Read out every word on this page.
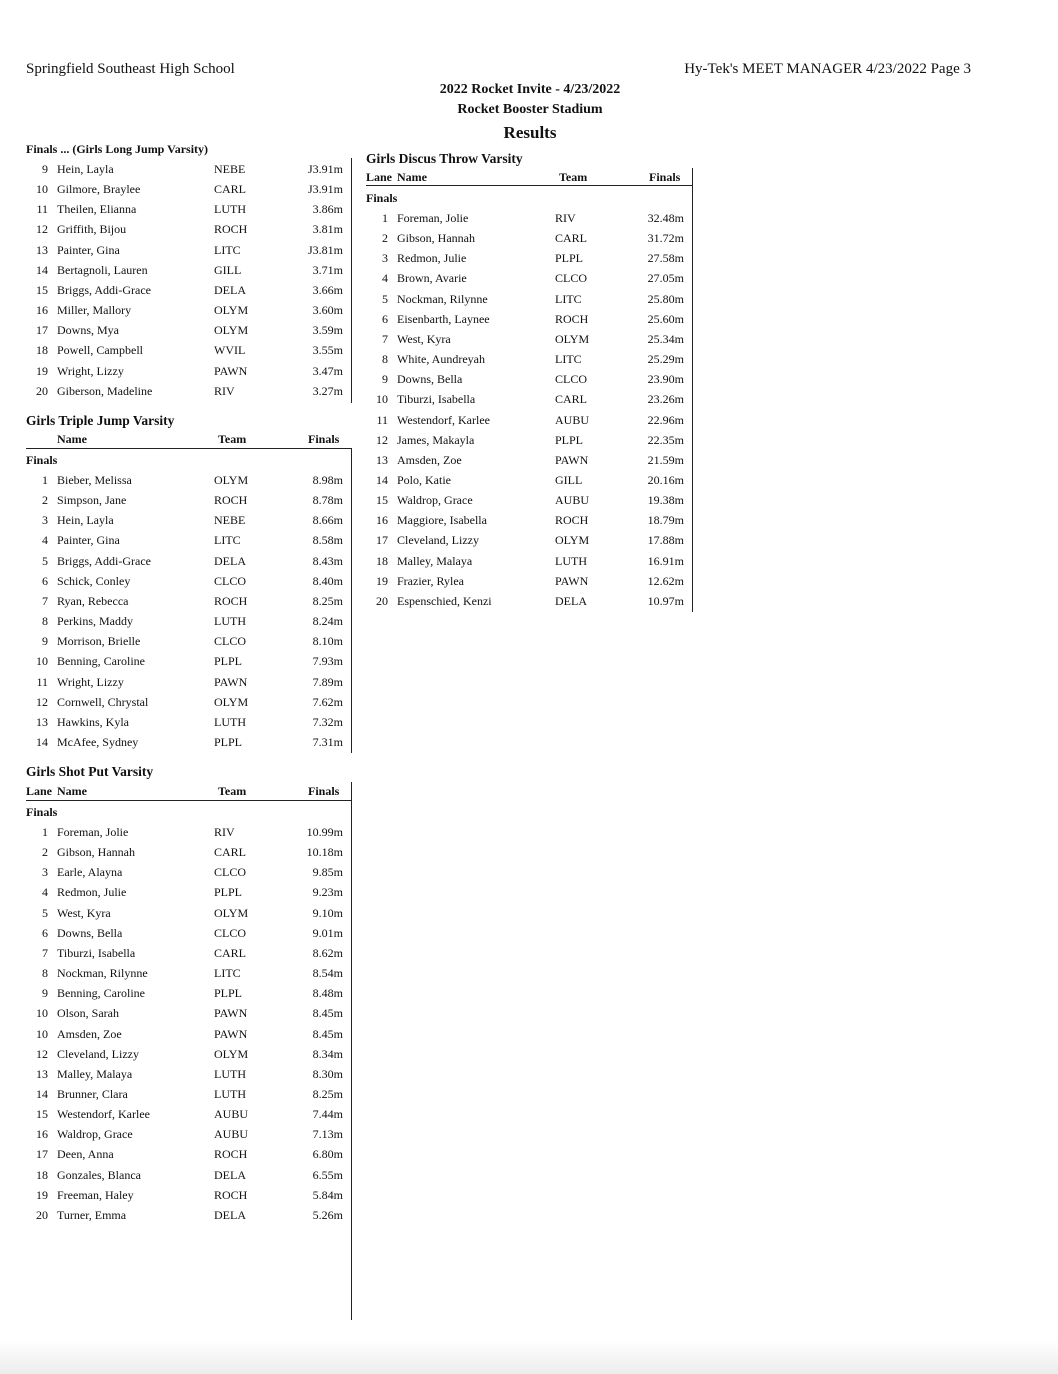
Springfield Southeast High School	Hy-Tek's MEET MANAGER 4/23/2022 Page 3
2022 Rocket Invite - 4/23/2022
Rocket Booster Stadium
Results
Finals ... (Girls Long Jump Varsity)
9 Hein, Layla	NEBE	J3.91m
10 Gilmore, Braylee	CARL	J3.91m
11 Theilen, Elianna	LUTH	3.86m
12 Griffith, Bijou	ROCH	3.81m
13 Painter, Gina	LITC	J3.81m
14 Bertagnoli, Lauren	GILL	3.71m
15 Briggs, Addi-Grace	DELA	3.66m
16 Miller, Mallory	OLYM	3.60m
17 Downs, Mya	OLYM	3.59m
18 Powell, Campbell	WVIL	3.55m
19 Wright, Lizzy	PAWN	3.47m
20 Giberson, Madeline	RIV	3.27m
Girls Triple Jump Varsity
Name	Team	Finals
Finals
1 Bieber, Melissa	OLYM	8.98m
2 Simpson, Jane	ROCH	8.78m
3 Hein, Layla	NEBE	8.66m
4 Painter, Gina	LITC	8.58m
5 Briggs, Addi-Grace	DELA	8.43m
6 Schick, Conley	CLCO	8.40m
7 Ryan, Rebecca	ROCH	8.25m
8 Perkins, Maddy	LUTH	8.24m
9 Morrison, Brielle	CLCO	8.10m
10 Benning, Caroline	PLPL	7.93m
11 Wright, Lizzy	PAWN	7.89m
12 Cornwell, Chrystal	OLYM	7.62m
13 Hawkins, Kyla	LUTH	7.32m
14 McAfee, Sydney	PLPL	7.31m
Girls Shot Put Varsity
Lane Name	Team	Finals
Finals
1 Foreman, Jolie	RIV	10.99m
2 Gibson, Hannah	CARL	10.18m
3 Earle, Alayna	CLCO	9.85m
4 Redmon, Julie	PLPL	9.23m
5 West, Kyra	OLYM	9.10m
6 Downs, Bella	CLCO	9.01m
7 Tiburzi, Isabella	CARL	8.62m
8 Nockman, Rilynne	LITC	8.54m
9 Benning, Caroline	PLPL	8.48m
10 Olson, Sarah	PAWN	8.45m
10 Amsden, Zoe	PAWN	8.45m
12 Cleveland, Lizzy	OLYM	8.34m
13 Malley, Malaya	LUTH	8.30m
14 Brunner, Clara	LUTH	8.25m
15 Westendorf, Karlee	AUBU	7.44m
16 Waldrop, Grace	AUBU	7.13m
17 Deen, Anna	ROCH	6.80m
18 Gonzales, Blanca	DELA	6.55m
19 Freeman, Haley	ROCH	5.84m
20 Turner, Emma	DELA	5.26m
Girls Discus Throw Varsity
Lane Name	Team	Finals
Finals
1 Foreman, Jolie	RIV	32.48m
2 Gibson, Hannah	CARL	31.72m
3 Redmon, Julie	PLPL	27.58m
4 Brown, Avarie	CLCO	27.05m
5 Nockman, Rilynne	LITC	25.80m
6 Eisenbarth, Laynee	ROCH	25.60m
7 West, Kyra	OLYM	25.34m
8 White, Aundreyah	LITC	25.29m
9 Downs, Bella	CLCO	23.90m
10 Tiburzi, Isabella	CARL	23.26m
11 Westendorf, Karlee	AUBU	22.96m
12 James, Makayla	PLPL	22.35m
13 Amsden, Zoe	PAWN	21.59m
14 Polo, Katie	GILL	20.16m
15 Waldrop, Grace	AUBU	19.38m
16 Maggiore, Isabella	ROCH	18.79m
17 Cleveland, Lizzy	OLYM	17.88m
18 Malley, Malaya	LUTH	16.91m
19 Frazier, Rylea	PAWN	12.62m
20 Espenschied, Kenzi	DELA	10.97m
